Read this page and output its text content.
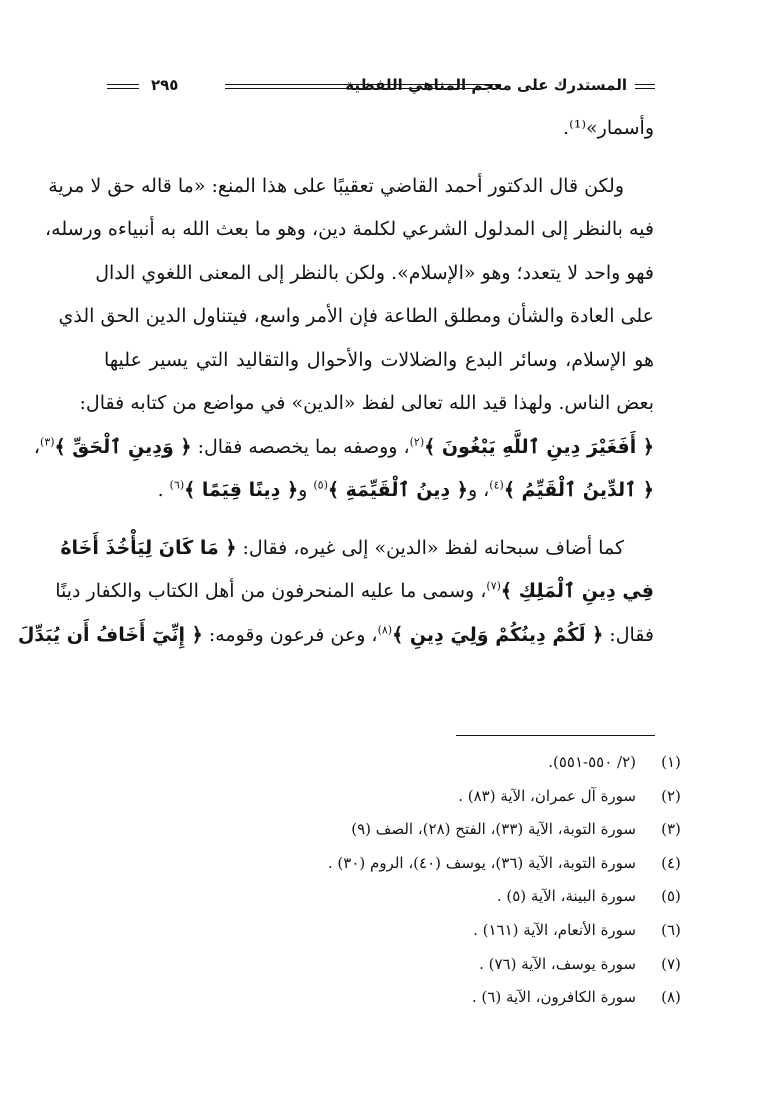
المستدرك على معجم المناهي اللفظية
٢٩٥
وأسمار»⁽¹⁾.
ولكن قال الدكتور أحمد القاضي تعقيبًا على هذا المنع: «ما قاله حق لا مرية
فيه بالنظر إلى المدلول الشرعي لكلمة دين، وهو ما بعث الله به أنبياءه ورسله،
فهو واحد لا يتعدد؛ وهو «الإسلام». ولكن بالنظر إلى المعنى اللغوي الدال
على العادة والشأن ومطلق الطاعة فإن الأمر واسع، فيتناول الدين الحق الذي
هو الإسلام، وسائر البدع والضلالات والأحوال والتقاليد التي يسير عليها
بعض الناس. ولهذا قيد الله تعالى لفظ «الدين» في مواضع من كتابه فقال:
﴿ أَفَغَيْرَ دِينِ ٱللَّهِ يَبْغُونَ ﴾$^{(٢)}$، ووصفه بما يخصصه فقال: ﴿ وَدِينِ ٱلْحَقِّ ﴾$^{(٣)}$،
﴿ ٱلدِّينُ ٱلْقَيِّمُ ﴾$^{(٤)}$، و﴿ دِينُ ٱلْقَيِّمَةِ ﴾$^{(٥)}$ و﴿ دِينًا قِيَمًا ﴾$^{(٦)}$ .
كما أضاف سبحانه لفظ «الدين» إلى غيره، فقال: ﴿ مَا كَانَ لِيَأْخُذَ أَخَاهُ
فِي دِينِ ٱلْمَلِكِ ﴾$^{(٧)}$، وسمى ما عليه المنحرفون من أهل الكتاب والكفار دينًا
فقال: ﴿ لَكُمْ دِينُكُمْ وَلِيَ دِينِ ﴾$^{(٨)}$، وعن فرعون وقومه: ﴿ إِنِّيٓ أَخَافُ أَن يُبَدِّلَ
(١)(٢/ ٥٥٠-٥٥١).
(٢)سورة آل عمران، الآية (٨٣) .
(٣)سورة التوبة، الآية (٣٣)، الفتح (٢٨)، الصف (٩)
(٤)سورة التوبة، الآية (٣٦)، يوسف (٤٠)، الروم (٣٠) .
(٥)سورة البينة، الآية (٥) .
(٦)سورة الأنعام، الآية (١٦١) .
(٧)سورة يوسف، الآية (٧٦) .
(٨)سورة الكافرون، الآية (٦) .
